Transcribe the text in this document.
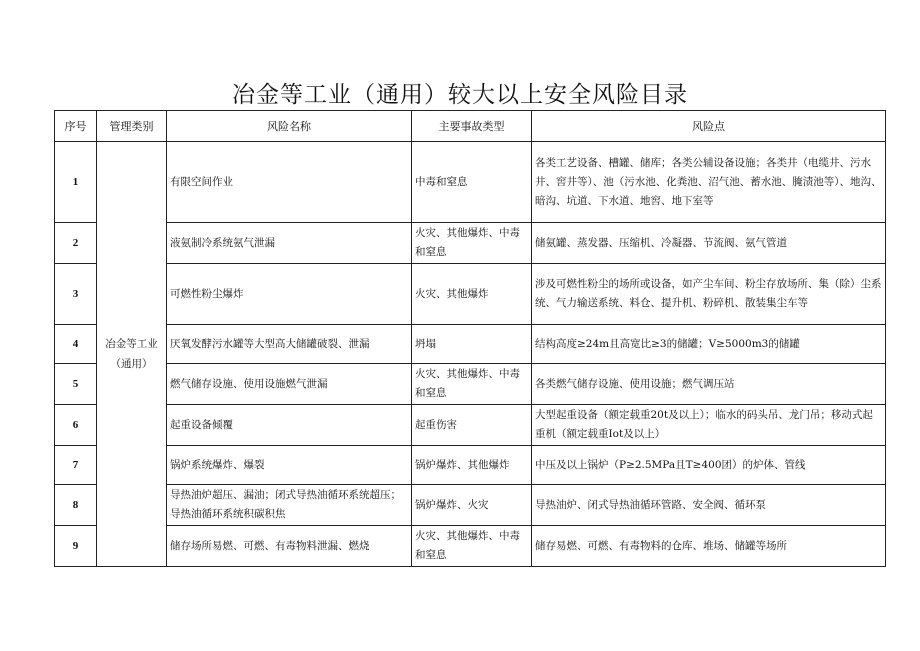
冶金等工业（通用）较大以上安全风险目录
序号	管理类别	风险名称	主要事故类型	风险点
1	冶金等工业（通用）	有限空间作业	中毒和窒息	各类工艺设备、槽罐、储库；各类公辅设备设施；各类井（电缆井、污水井、窖井等）、池（污水池、化粪池、沼气池、蓄水池、腌渍池等）、地沟、暗沟、坑道、下水道、地窖、地下室等
2		液氨制冷系统氨气泄漏	火灾、其他爆炸、中毒和窒息	储氨罐、蒸发器、压缩机、冷凝器、节流阀、氨气管道
3		可燃性粉尘爆炸	火灾、其他爆炸	涉及可燃性粉尘的场所或设备，如产尘车间、粉尘存放场所、集（除）尘系统、气力输送系统、料仓、提升机、粉碎机、散装集尘车等
4		厌氧发酵污水罐等大型高大储罐破裂、泄漏	坍塌	结构高度≥24m且高宽比≥3的储罐；V≥5000m3的储罐
5		燃气储存设施、使用设施燃气泄漏	火灾、其他爆炸、中毒和窒息	各类燃气储存设施、使用设施；燃气调压站
6		起重设备倾覆	起重伤害	大型起重设备（额定载重20t及以上）；临水的码头吊、龙门吊；移动式起重机（额定载重Iot及以上）
7		锅炉系统爆炸、爆裂	锅炉爆炸、其他爆炸	中压及以上锅炉（P≥2.5MPa且T≥400团）的炉体、管线
8		导热油炉超压、漏油；闭式导热油循环系统超压；导热油循环系统积碳积焦	锅炉爆炸、火灾	导热油炉、闭式导热油循环管路、安全阀、循环泵
9		储存场所易燃、可燃、有毒物料泄漏、燃烧	火灾、其他爆炸、中毒和窒息	储存易燃、可燃、有毒物料的仓库、堆场、储罐等场所
